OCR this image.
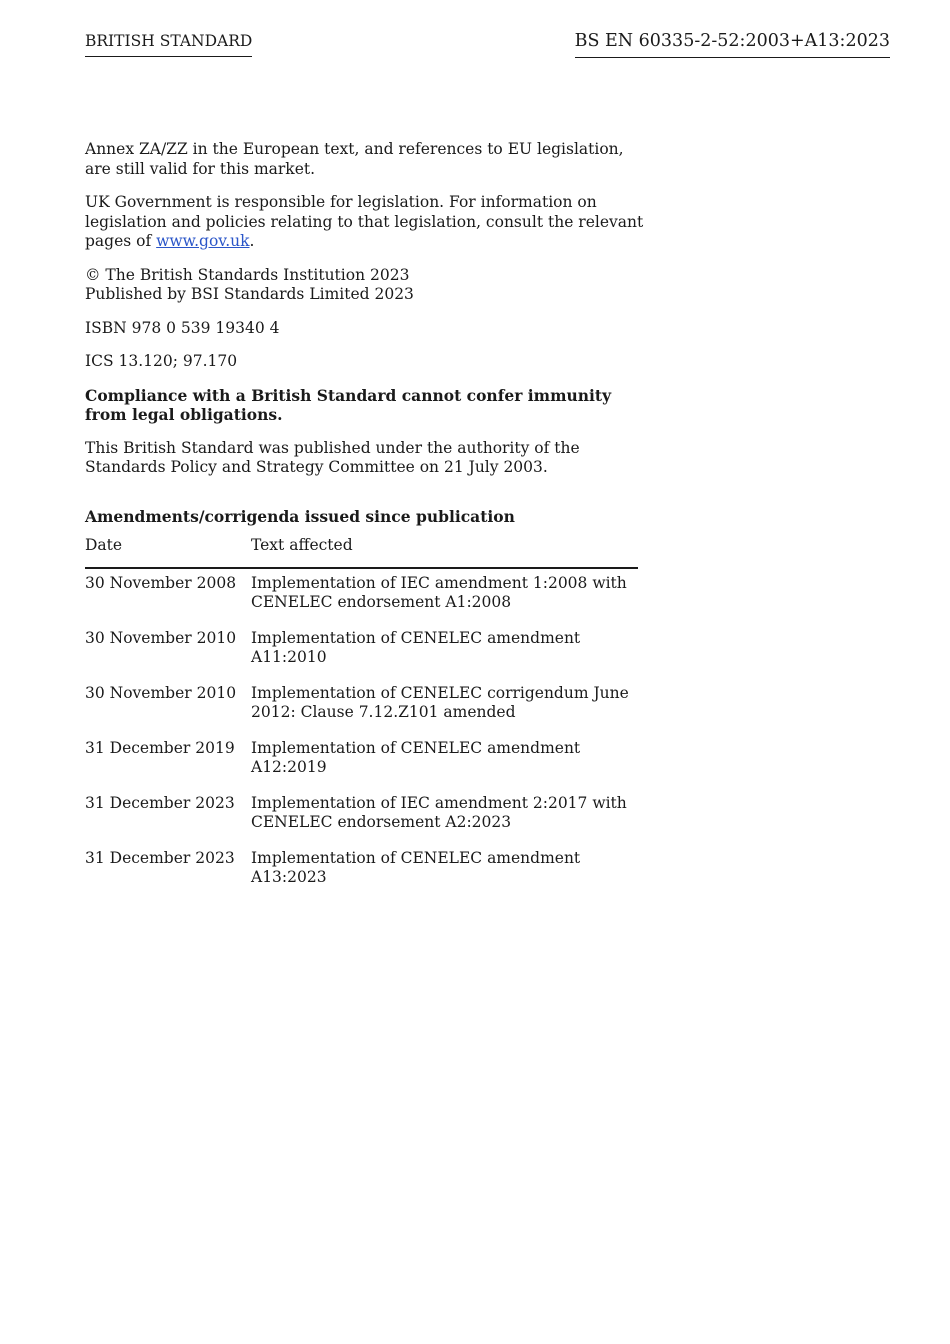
BRITISH STANDARD	BS EN 60335-2-52:2003+A13:2023

Annex ZA/ZZ in the European text, and references to EU legislation, are still valid for this market.

UK Government is responsible for legislation. For information on legislation and policies relating to that legislation, consult the relevant pages of www.gov.uk.

© The British Standards Institution 2023
Published by BSI Standards Limited 2023

ISBN 978 0 539 19340 4

ICS 13.120; 97.170

Compliance with a British Standard cannot confer immunity from legal obligations.

This British Standard was published under the authority of the Standards Policy and Strategy Committee on 21 July 2003.

Amendments/corrigenda issued since publication

Date	Text affected
30 November 2008	Implementation of IEC amendment 1:2008 with CENELEC endorsement A1:2008
30 November 2010	Implementation of CENELEC amendment A11:2010
30 November 2010	Implementation of CENELEC corrigendum June 2012: Clause 7.12.Z101 amended
31 December 2019	Implementation of CENELEC amendment A12:2019
31 December 2023	Implementation of IEC amendment 2:2017 with CENELEC endorsement A2:2023
31 December 2023	Implementation of CENELEC amendment A13:2023
